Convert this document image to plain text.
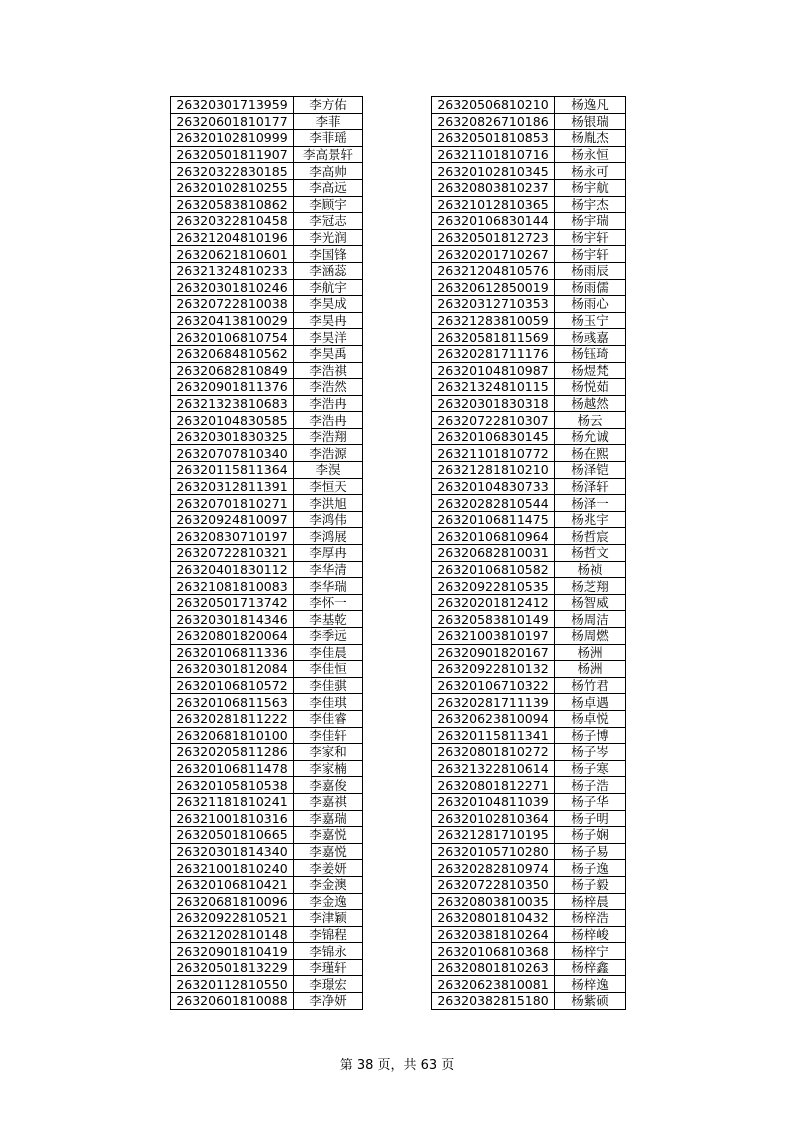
26320301713959	李方佑
26320601810177	李菲
26320102810999	李菲瑶
26320501811907	李高景轩
26320322830185	李高帅
26320102810255	李高远
26320583810862	李顾宇
26320322810458	李冠志
26321204810196	李光润
26320621810601	李国锋
26321324810233	李涵蕊
26320301810246	李航宇
26320722810038	李昊成
26320413810029	李昊冉
26320106810754	李昊洋
26320684810562	李昊禹
26320682810849	李浩祺
26320901811376	李浩然
26321323810683	李浩冉
26320104830585	李浩冉
26320301830325	李浩翔
26320707810340	李浩源
26320115811364	李淏
26320312811391	李恒天
26320701810271	李洪旭
26320924810097	李鸿伟
26320830710197	李鸿展
26320722810321	李厚冉
26320401830112	李华清
26321081810083	李华瑞
26320501713742	李怀一
26320301814346	李基乾
26320801820064	李季远
26320106811336	李佳晨
26320301812084	李佳恒
26320106810572	李佳骐
26320106811563	李佳琪
26320281811222	李佳睿
26320681810100	李佳轩
26320205811286	李家和
26320106811478	李家楠
26320105810538	李嘉俊
26321181810241	李嘉祺
26321001810316	李嘉瑞
26320501810665	李嘉悦
26320301814340	李嘉悦
26321001810240	李姜妍
26320106810421	李金澳
26320681810096	李金逸
26320922810521	李津颖
26321202810148	李锦程
26320901810419	李锦永
26320501813229	李瑾轩
26320112810550	李璟宏
26320601810088	李净妍
26320506810210	杨逸凡
26320826710186	杨银瑞
26320501810853	杨胤杰
26321101810716	杨永恒
26320102810345	杨永可
26320803810237	杨宇航
26321012810365	杨宇杰
26320106830144	杨宇瑞
26320501812723	杨宇轩
26320201710267	杨宇轩
26321204810576	杨雨辰
26320612850019	杨雨儒
26320312710353	杨雨心
26321283810059	杨玉宁
26320581811569	杨彧嘉
26320281711176	杨钰琦
26320104810987	杨煜梵
26321324810115	杨悦茹
26320301830318	杨越然
26320722810307	杨云
26320106830145	杨允诚
26321101810772	杨在熙
26321281810210	杨泽铠
26320104830733	杨泽轩
26320282810544	杨泽一
26320106811475	杨兆宇
26320106810964	杨哲宸
26320682810031	杨哲文
26320106810582	杨祯
26320922810535	杨芝翔
26320201812412	杨智威
26320583810149	杨周洁
26321003810197	杨周燃
26320901820167	杨洲
26320922810132	杨洲
26320106710322	杨竹君
26320281711139	杨卓遇
26320623810094	杨卓悦
26320115811341	杨子博
26320801810272	杨子岑
26321322810614	杨子寒
26320801812271	杨子浩
26320104811039	杨子华
26320102810364	杨子明
26321281710195	杨子娴
26320105710280	杨子易
26320282810974	杨子逸
26320722810350	杨子毅
26320803810035	杨梓晨
26320801810432	杨梓浩
26320381810264	杨梓峻
26320106810368	杨梓宁
26320801810263	杨梓鑫
26320623810081	杨梓逸
26320382815180	杨紫硕
第 38 页，共 63 页
